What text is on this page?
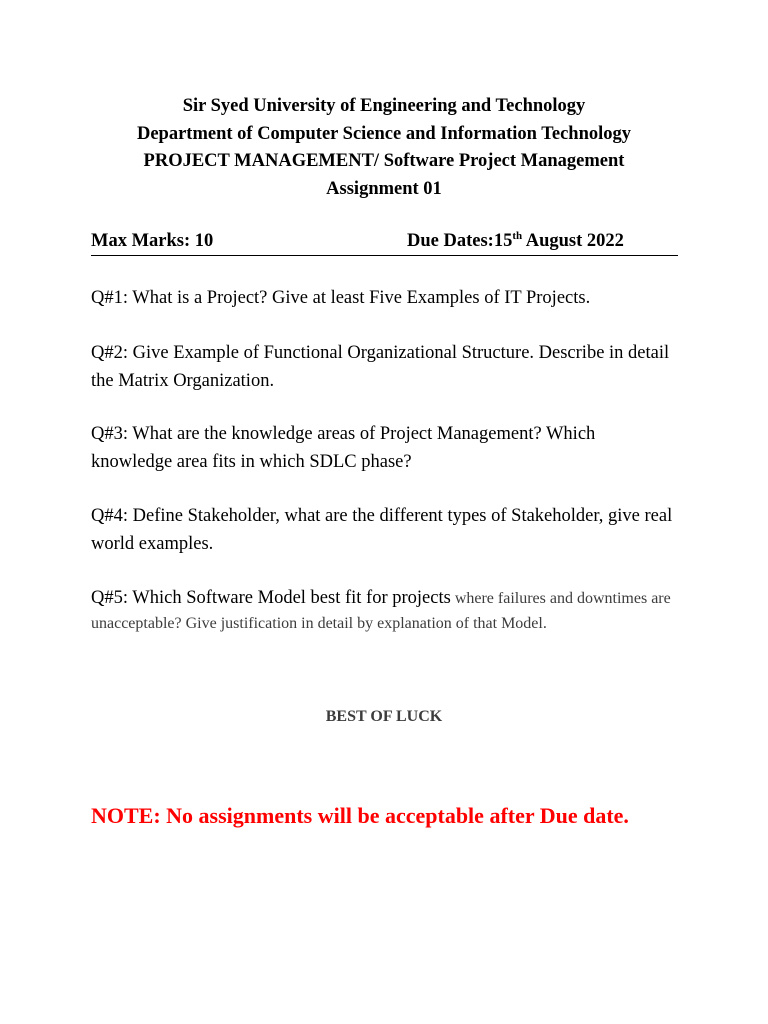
Sir Syed University of Engineering and Technology
Department of Computer Science and Information Technology
PROJECT MANAGEMENT/ Software Project Management
Assignment 01
Max Marks: 10	Due Dates:15th August 2022
Q#1: What is a Project? Give at least Five Examples of IT Projects.
Q#2: Give Example of Functional Organizational Structure. Describe in detail the Matrix Organization.
Q#3: What are the knowledge areas of Project Management? Which knowledge area fits in which SDLC phase?
Q#4: Define Stakeholder, what are the different types of Stakeholder, give real world examples.
Q#5: Which Software Model best fit for projects where failures and downtimes are unacceptable? Give justification in detail by explanation of that Model.
BEST OF LUCK
NOTE: No assignments will be acceptable after Due date.
